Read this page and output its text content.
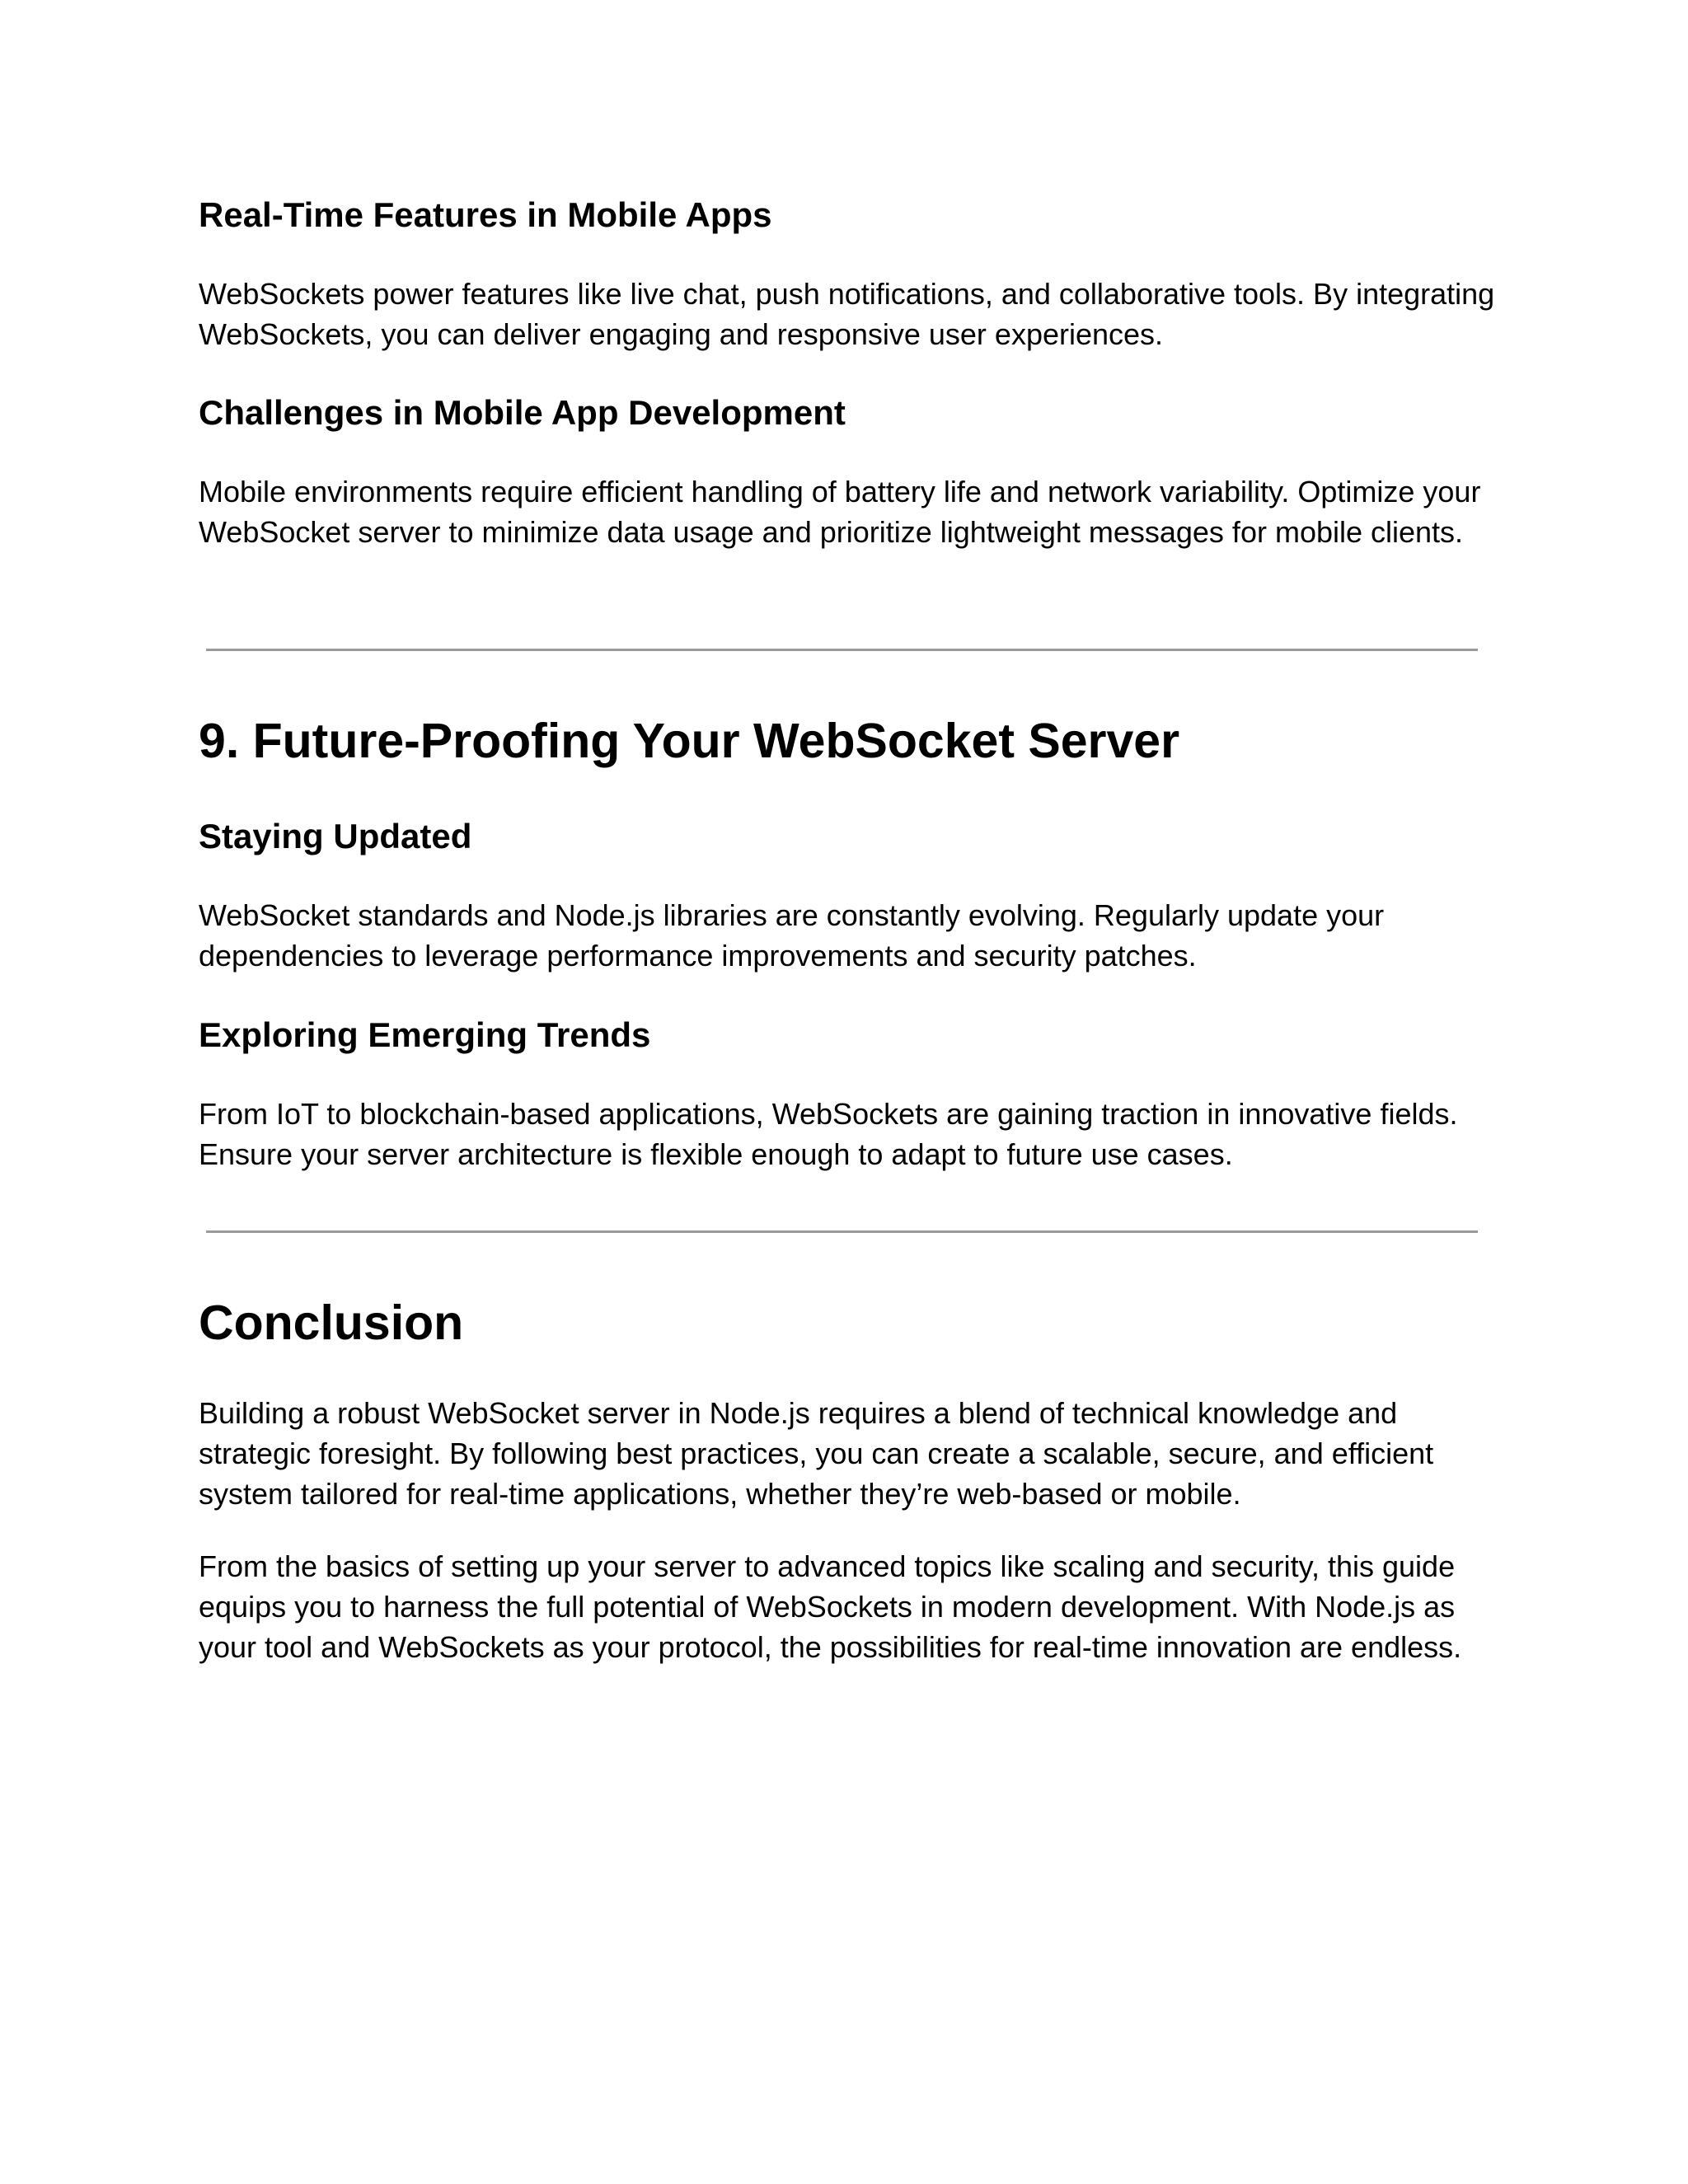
Real-Time Features in Mobile Apps

WebSockets power features like live chat, push notifications, and collaborative tools. By integrating WebSockets, you can deliver engaging and responsive user experiences.

Challenges in Mobile App Development

Mobile environments require efficient handling of battery life and network variability. Optimize your WebSocket server to minimize data usage and prioritize lightweight messages for mobile clients.

9. Future-Proofing Your WebSocket Server
Staying Updated

WebSocket standards and Node.js libraries are constantly evolving. Regularly update your dependencies to leverage performance improvements and security patches.

Exploring Emerging Trends

From IoT to blockchain-based applications, WebSockets are gaining traction in innovative fields. Ensure your server architecture is flexible enough to adapt to future use cases.

Conclusion

Building a robust WebSocket server in Node.js requires a blend of technical knowledge and strategic foresight. By following best practices, you can create a scalable, secure, and efficient system tailored for real-time applications, whether they’re web-based or mobile.

From the basics of setting up your server to advanced topics like scaling and security, this guide equips you to harness the full potential of WebSockets in modern development. With Node.js as your tool and WebSockets as your protocol, the possibilities for real-time innovation are endless.
